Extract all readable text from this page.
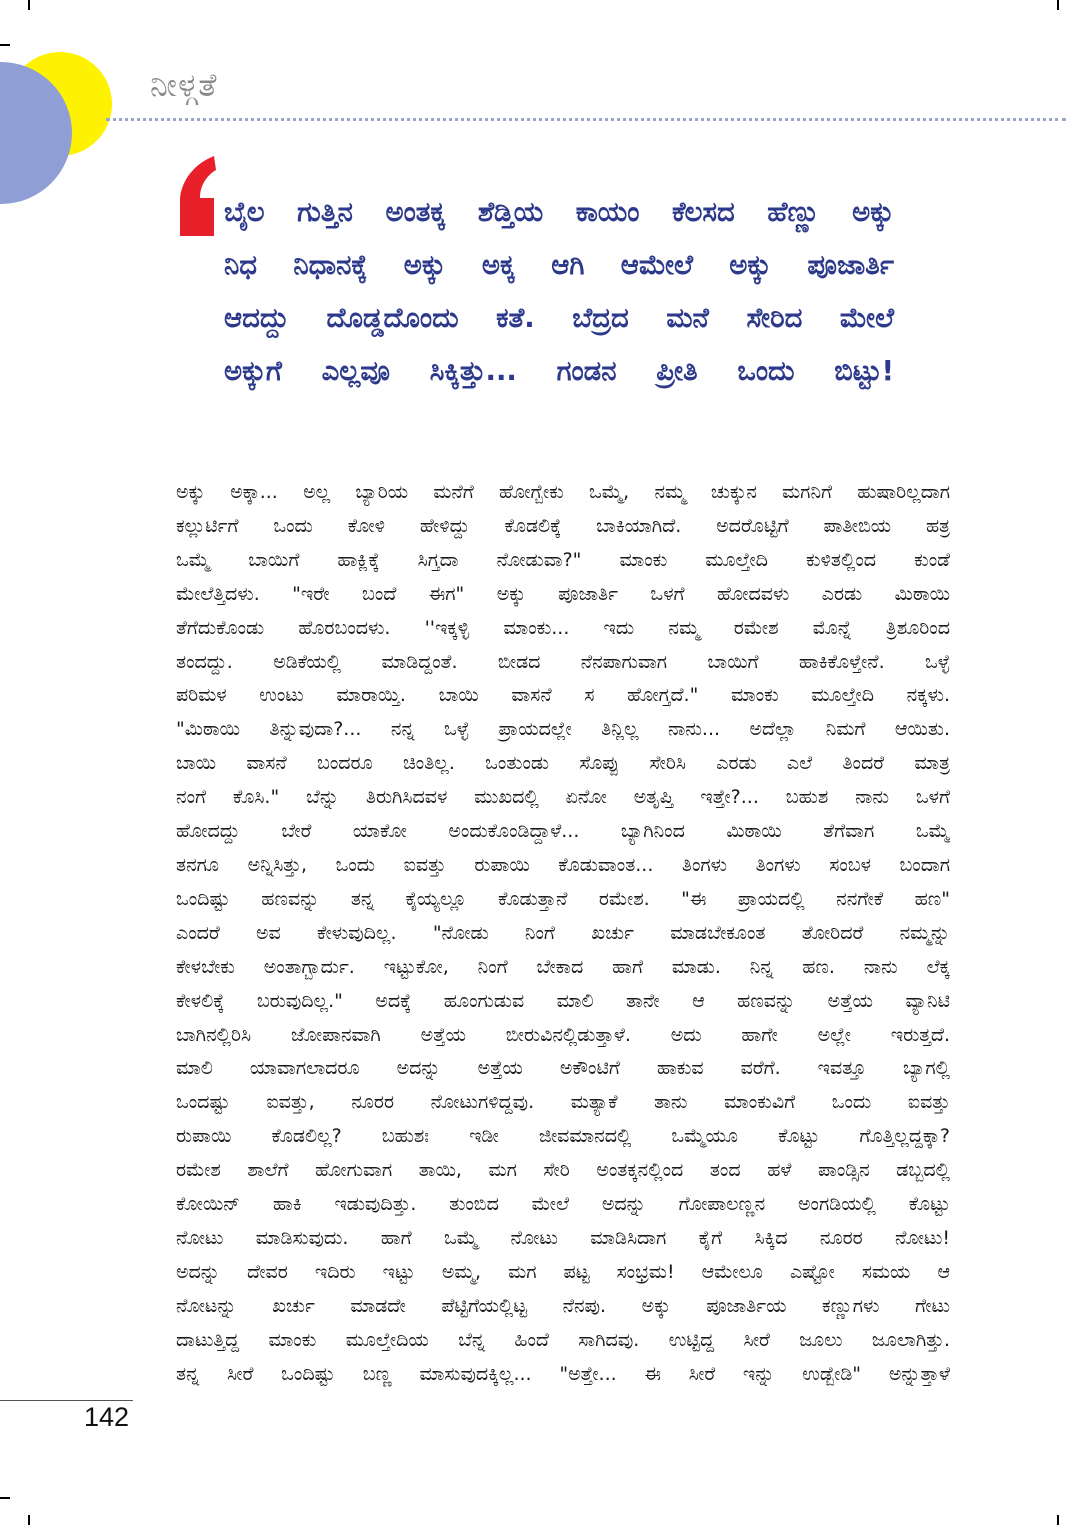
ನೀಳ್ಗತೆ
ಬೈಲ ಗುತ್ತಿನ ಅಂತಕ್ಕ ಶೆಡ್ತಿಯ ಕಾಯಂ ಕೆಲಸದ ಹೆಣ್ಣು ಅಕ್ಕು
ನಿಧ ನಿಧಾನಕ್ಕೆ ಅಕ್ಕು ಅಕ್ಕ ಆಗಿ ಆಮೇಲೆ ಅಕ್ಕು ಪೂಜಾರ್ತಿ
ಆದದ್ದು ದೊಡ್ಡದೊಂದು ಕತೆ. ಬೆದ್ರದ ಮನೆ ಸೇರಿದ ಮೇಲೆ
ಅಕ್ಕುಗೆ ಎಲ್ಲವೂ ಸಿಕ್ಕಿತ್ತು... ಗಂಡನ ಪ್ರೀತಿ ಒಂದು ಬಿಟ್ಟು!
ಅಕ್ಕು ಅಕ್ಕಾ... ಅಲ್ಲ ಬ್ಯಾರಿಯ ಮನೆಗೆ ಹೋಗ್ಬೇಕು ಒಮ್ಮೆ, ನಮ್ಮ ಚುಕ್ಕುನ ಮಗನಿಗೆ ಹುಷಾರಿಲ್ಲದಾಗ
ಕಲ್ಲುರ್ಟಿಗೆ ಒಂದು ಕೋಳಿ ಹೇಳಿದ್ದು ಕೊಡಲಿಕ್ಕೆ ಬಾಕಿಯಾಗಿದೆ. ಅದರೊಟ್ಟಿಗೆ ಪಾತೀಬಿಯ ಹತ್ರ
ಒಮ್ಮೆ ಬಾಯಿಗೆ ಹಾಕ್ಲಿಕ್ಕೆ ಸಿಗ್ತದಾ ನೋಡುವಾ?" ಮಾಂಕು ಮೂಲ್ತೇದಿ ಕುಳಿತಲ್ಲಿಂದ ಕುಂಡೆ
ಮೇಲೆತ್ತಿದಳು. "ಇರೇ ಬಂದೆ ಈಗ" ಅಕ್ಕು ಪೂಜಾರ್ತಿ ಒಳಗೆ ಹೋದವಳು ಎರಡು ಮಿಠಾಯಿ
ತೆಗೆದುಕೊಂಡು ಹೊರಬಂದಳು. ''ಇಕ್ಕಳ್ಳಿ ಮಾಂಕು... ಇದು ನಮ್ಮ ರಮೇಶ ಮೊನ್ನೆ ತ್ರಿಶೂರಿಂದ
ತಂದದ್ದು. ಅಡಿಕೆಯಲ್ಲಿ ಮಾಡಿದ್ದಂತೆ. ಬೀಡದ ನೆನಪಾಗುವಾಗ ಬಾಯಿಗೆ ಹಾಕಿಕೊಳ್ತೇನೆ. ಒಳ್ಳೆ
ಪರಿಮಳ ಉಂಟು ಮಾರಾಯ್ತಿ. ಬಾಯಿ ವಾಸನೆ ಸ ಹೋಗ್ತದೆ." ಮಾಂಕು ಮೂಲ್ತೇದಿ ನಕ್ಕಳು.
"ಮಿಠಾಯಿ ತಿನ್ನುವುದಾ?... ನನ್ನ ಒಳ್ಳೆ ಪ್ರಾಯದಲ್ಲೇ ತಿನ್ಲಿಲ್ಲ ನಾನು... ಅದೆಲ್ಲಾ ನಿಮಗೆ ಆಯಿತು.
ಬಾಯಿ ವಾಸನೆ ಬಂದರೂ ಚಿಂತಿಲ್ಲ. ಒಂತುಂಡು ಸೊಪ್ಪು ಸೇರಿಸಿ ಎರಡು ಎಲೆ ತಿಂದರೆ ಮಾತ್ರ
ನಂಗೆ ಕೊಸಿ." ಬೆನ್ನು ತಿರುಗಿಸಿದವಳ ಮುಖದಲ್ಲಿ ಏನೋ ಅತೃಪ್ತಿ ಇತ್ತೇ?... ಬಹುಶ ನಾನು ಒಳಗೆ
ಹೋದದ್ದು ಬೇರೆ ಯಾಕೋ ಅಂದುಕೊಂಡಿದ್ದಾಳೆ... ಬ್ಯಾಗಿನಿಂದ ಮಿಠಾಯಿ ತೆಗೆವಾಗ ಒಮ್ಮೆ
ತನಗೂ ಅನ್ನಿಸಿತ್ತು, ಒಂದು ಐವತ್ತು ರುಪಾಯಿ ಕೊಡುವಾಂತ... ತಿಂಗಳು ತಿಂಗಳು ಸಂಬಳ ಬಂದಾಗ
ಒಂದಿಷ್ಟು ಹಣವನ್ನು ತನ್ನ ಕೈಯ್ಯಲ್ಲೂ ಕೊಡುತ್ತಾನೆ ರಮೇಶ. "ಈ ಪ್ರಾಯದಲ್ಲಿ ನನಗೇಕೆ ಹಣ"
ಎಂದರೆ ಅವ ಕೇಳುವುದಿಲ್ಲ. "ನೋಡು ನಿಂಗೆ ಖರ್ಚು ಮಾಡಬೇಕೂಂತ ತೋರಿದರೆ ನಮ್ಮನ್ನು
ಕೇಳಬೇಕು ಅಂತಾಗ್ಬಾರ್ದು. ಇಟ್ಟುಕೋ, ನಿಂಗೆ ಬೇಕಾದ ಹಾಗೆ ಮಾಡು. ನಿನ್ನ ಹಣ. ನಾನು ಲೆಕ್ಕ
ಕೇಳಲಿಕ್ಕೆ ಬರುವುದಿಲ್ಲ." ಅದಕ್ಕೆ ಹೂಂಗುಡುವ ಮಾಲಿ ತಾನೇ ಆ ಹಣವನ್ನು ಅತ್ತೆಯ ವ್ಯಾನಿಟಿ
ಬಾಗಿನಲ್ಲಿರಿಸಿ ಜೋಪಾನವಾಗಿ ಅತ್ತೆಯ ಬೀರುವಿನಲ್ಲಿಡುತ್ತಾಳೆ. ಅದು ಹಾಗೇ ಅಲ್ಲೇ ಇರುತ್ತದೆ.
ಮಾಲಿ ಯಾವಾಗಲಾದರೂ ಅದನ್ನು ಅತ್ತೆಯ ಅಕೌಂಟಿಗೆ ಹಾಕುವ ವರೆಗೆ. ಇವತ್ತೂ ಬ್ಯಾಗಲ್ಲಿ
ಒಂದಷ್ಟು ಐವತ್ತು, ನೂರರ ನೋಟುಗಳಿದ್ದವು. ಮತ್ಯಾಕೆ ತಾನು ಮಾಂಕುವಿಗೆ ಒಂದು ಐವತ್ತು
ರುಪಾಯಿ ಕೊಡಲಿಲ್ಲ? ಬಹುಶಃ ಇಡೀ ಜೀವಮಾನದಲ್ಲಿ ಒಮ್ಮೆಯೂ ಕೊಟ್ಟು ಗೊತ್ತಿಲ್ಲದ್ದಕ್ಕಾ?
ರಮೇಶ ಶಾಲೆಗೆ ಹೋಗುವಾಗ ತಾಯಿ, ಮಗ ಸೇರಿ ಅಂತಕ್ಕನಲ್ಲಿಂದ ತಂದ ಹಳೆ ಪಾಂಡ್ಸಿನ ಡಬ್ಬದಲ್ಲಿ
ಕೋಯಿನ್ ಹಾಕಿ ಇಡುವುದಿತ್ತು. ತುಂಬಿದ ಮೇಲೆ ಅದನ್ನು ಗೋಪಾಲಣ್ಣನ ಅಂಗಡಿಯಲ್ಲಿ ಕೊಟ್ಟು
ನೋಟು ಮಾಡಿಸುವುದು. ಹಾಗೆ ಒಮ್ಮೆ ನೋಟು ಮಾಡಿಸಿದಾಗ ಕೈಗೆ ಸಿಕ್ಕಿದ ನೂರರ ನೋಟು!
ಅದನ್ನು ದೇವರ ಇದಿರು ಇಟ್ಟು ಅಮ್ಮ, ಮಗ ಪಟ್ಟ ಸಂಭ್ರಮ! ಆಮೇಲೂ ಎಷ್ಟೋ ಸಮಯ ಆ
ನೋಟನ್ನು ಖರ್ಚು ಮಾಡದೇ ಪೆಟ್ಟಿಗೆಯಲ್ಲಿಟ್ಟ ನೆನಪು. ಅಕ್ಕು ಪೂಜಾರ್ತಿಯ ಕಣ್ಣುಗಳು ಗೇಟು
ದಾಟುತ್ತಿದ್ದ ಮಾಂಕು ಮೂಲ್ತೇದಿಯ ಬೆನ್ನ ಹಿಂದೆ ಸಾಗಿದವು. ಉಟ್ಟಿದ್ದ ಸೀರೆ ಜೂಲು ಜೂಲಾಗಿತ್ತು.
ತನ್ನ ಸೀರೆ ಒಂದಿಷ್ಟು ಬಣ್ಣ ಮಾಸುವುದಕ್ಕಿಲ್ಲ... "ಅತ್ತೇ... ಈ ಸೀರೆ ಇನ್ನು ಉಡ್ಬೇಡಿ" ಅನ್ನುತ್ತಾಳೆ
142
